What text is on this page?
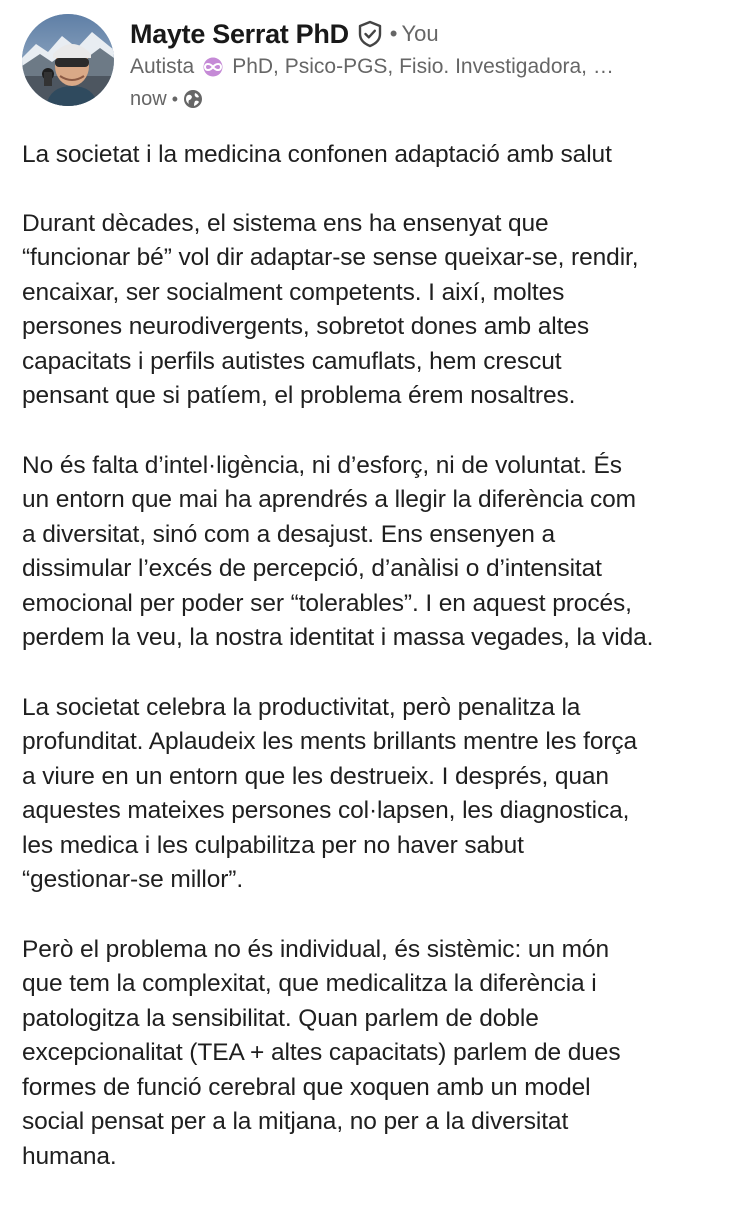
Mayte Serrat PhD • You
Autista PhD, Psico-PGS, Fisio. Investigadora, …
now •

La societat i la medicina confonen adaptació amb salut

Durant dècades, el sistema ens ha ensenyat que
“funcionar bé” vol dir adaptar-se sense queixar-se, rendir,
encaixar, ser socialment competents. I així, moltes
persones neurodivergents, sobretot dones amb altes
capacitats i perfils autistes camuflats, hem crescut
pensant que si patíem, el problema érem nosaltres.

No és falta d’intel·ligència, ni d’esforç, ni de voluntat. És
un entorn que mai ha aprendrés a llegir la diferència com
a diversitat, sinó com a desajust. Ens ensenyen a
dissimular l’excés de percepció, d’anàlisi o d’intensitat
emocional per poder ser “tolerables”. I en aquest procés,
perdem la veu, la nostra identitat i massa vegades, la vida.

La societat celebra la productivitat, però penalitza la
profunditat. Aplaudeix les ments brillants mentre les força
a viure en un entorn que les destrueix. I després, quan
aquestes mateixes persones col·lapsen, les diagnostica,
les medica i les culpabilitza per no haver sabut
“gestionar-se millor”.

Però el problema no és individual, és sistèmic: un món
que tem la complexitat, que medicalitza la diferència i
patologitza la sensibilitat. Quan parlem de doble
excepcionalitat (TEA + altes capacitats) parlem de dues
formes de funció cerebral que xoquen amb un model
social pensat per a la mitjana, no per a la diversitat
humana.
